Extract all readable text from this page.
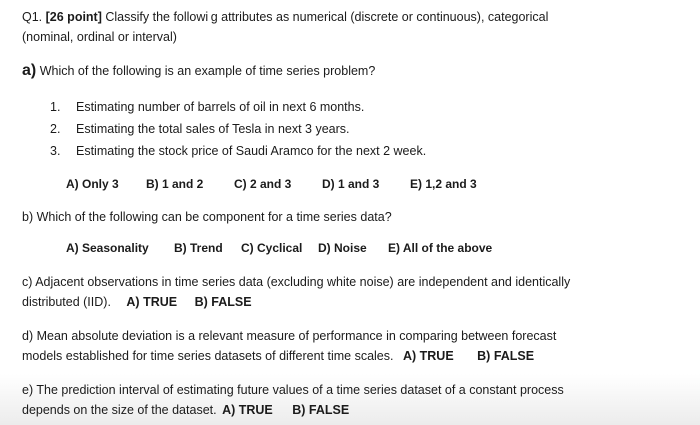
Q1. [26 point] Classify the followi g attributes as numerical (discrete or continuous), categorical
(nominal, ordinal or interval)
a) Which of the following is an example of time series problem?
1. Estimating number of barrels of oil in next 6 months.
2. Estimating the total sales of Tesla in next 3 years.
3. Estimating the stock price of Saudi Aramco for the next 2 week.
A) Only 3 B) 1 and 2	C) 2 and 3	D) 1 and 3	E) 1,2 and 3
b) Which of the following can be component for a time series data?
A) Seasonality B) Trend C) Cyclical D) Noise E) All of the above
c) Adjacent observations in time series data (excluding white noise) are independent and identically
distributed (IID). A) TRUE B) FALSE
d) Mean absolute deviation is a relevant measure of performance in comparing between forecast
models established for time series datasets of different time scales. A) TRUE B) FALSE
e) The prediction interval of estimating future values of a time series dataset of a constant process
depends on the size of the dataset. A) TRUE B) FALSE
